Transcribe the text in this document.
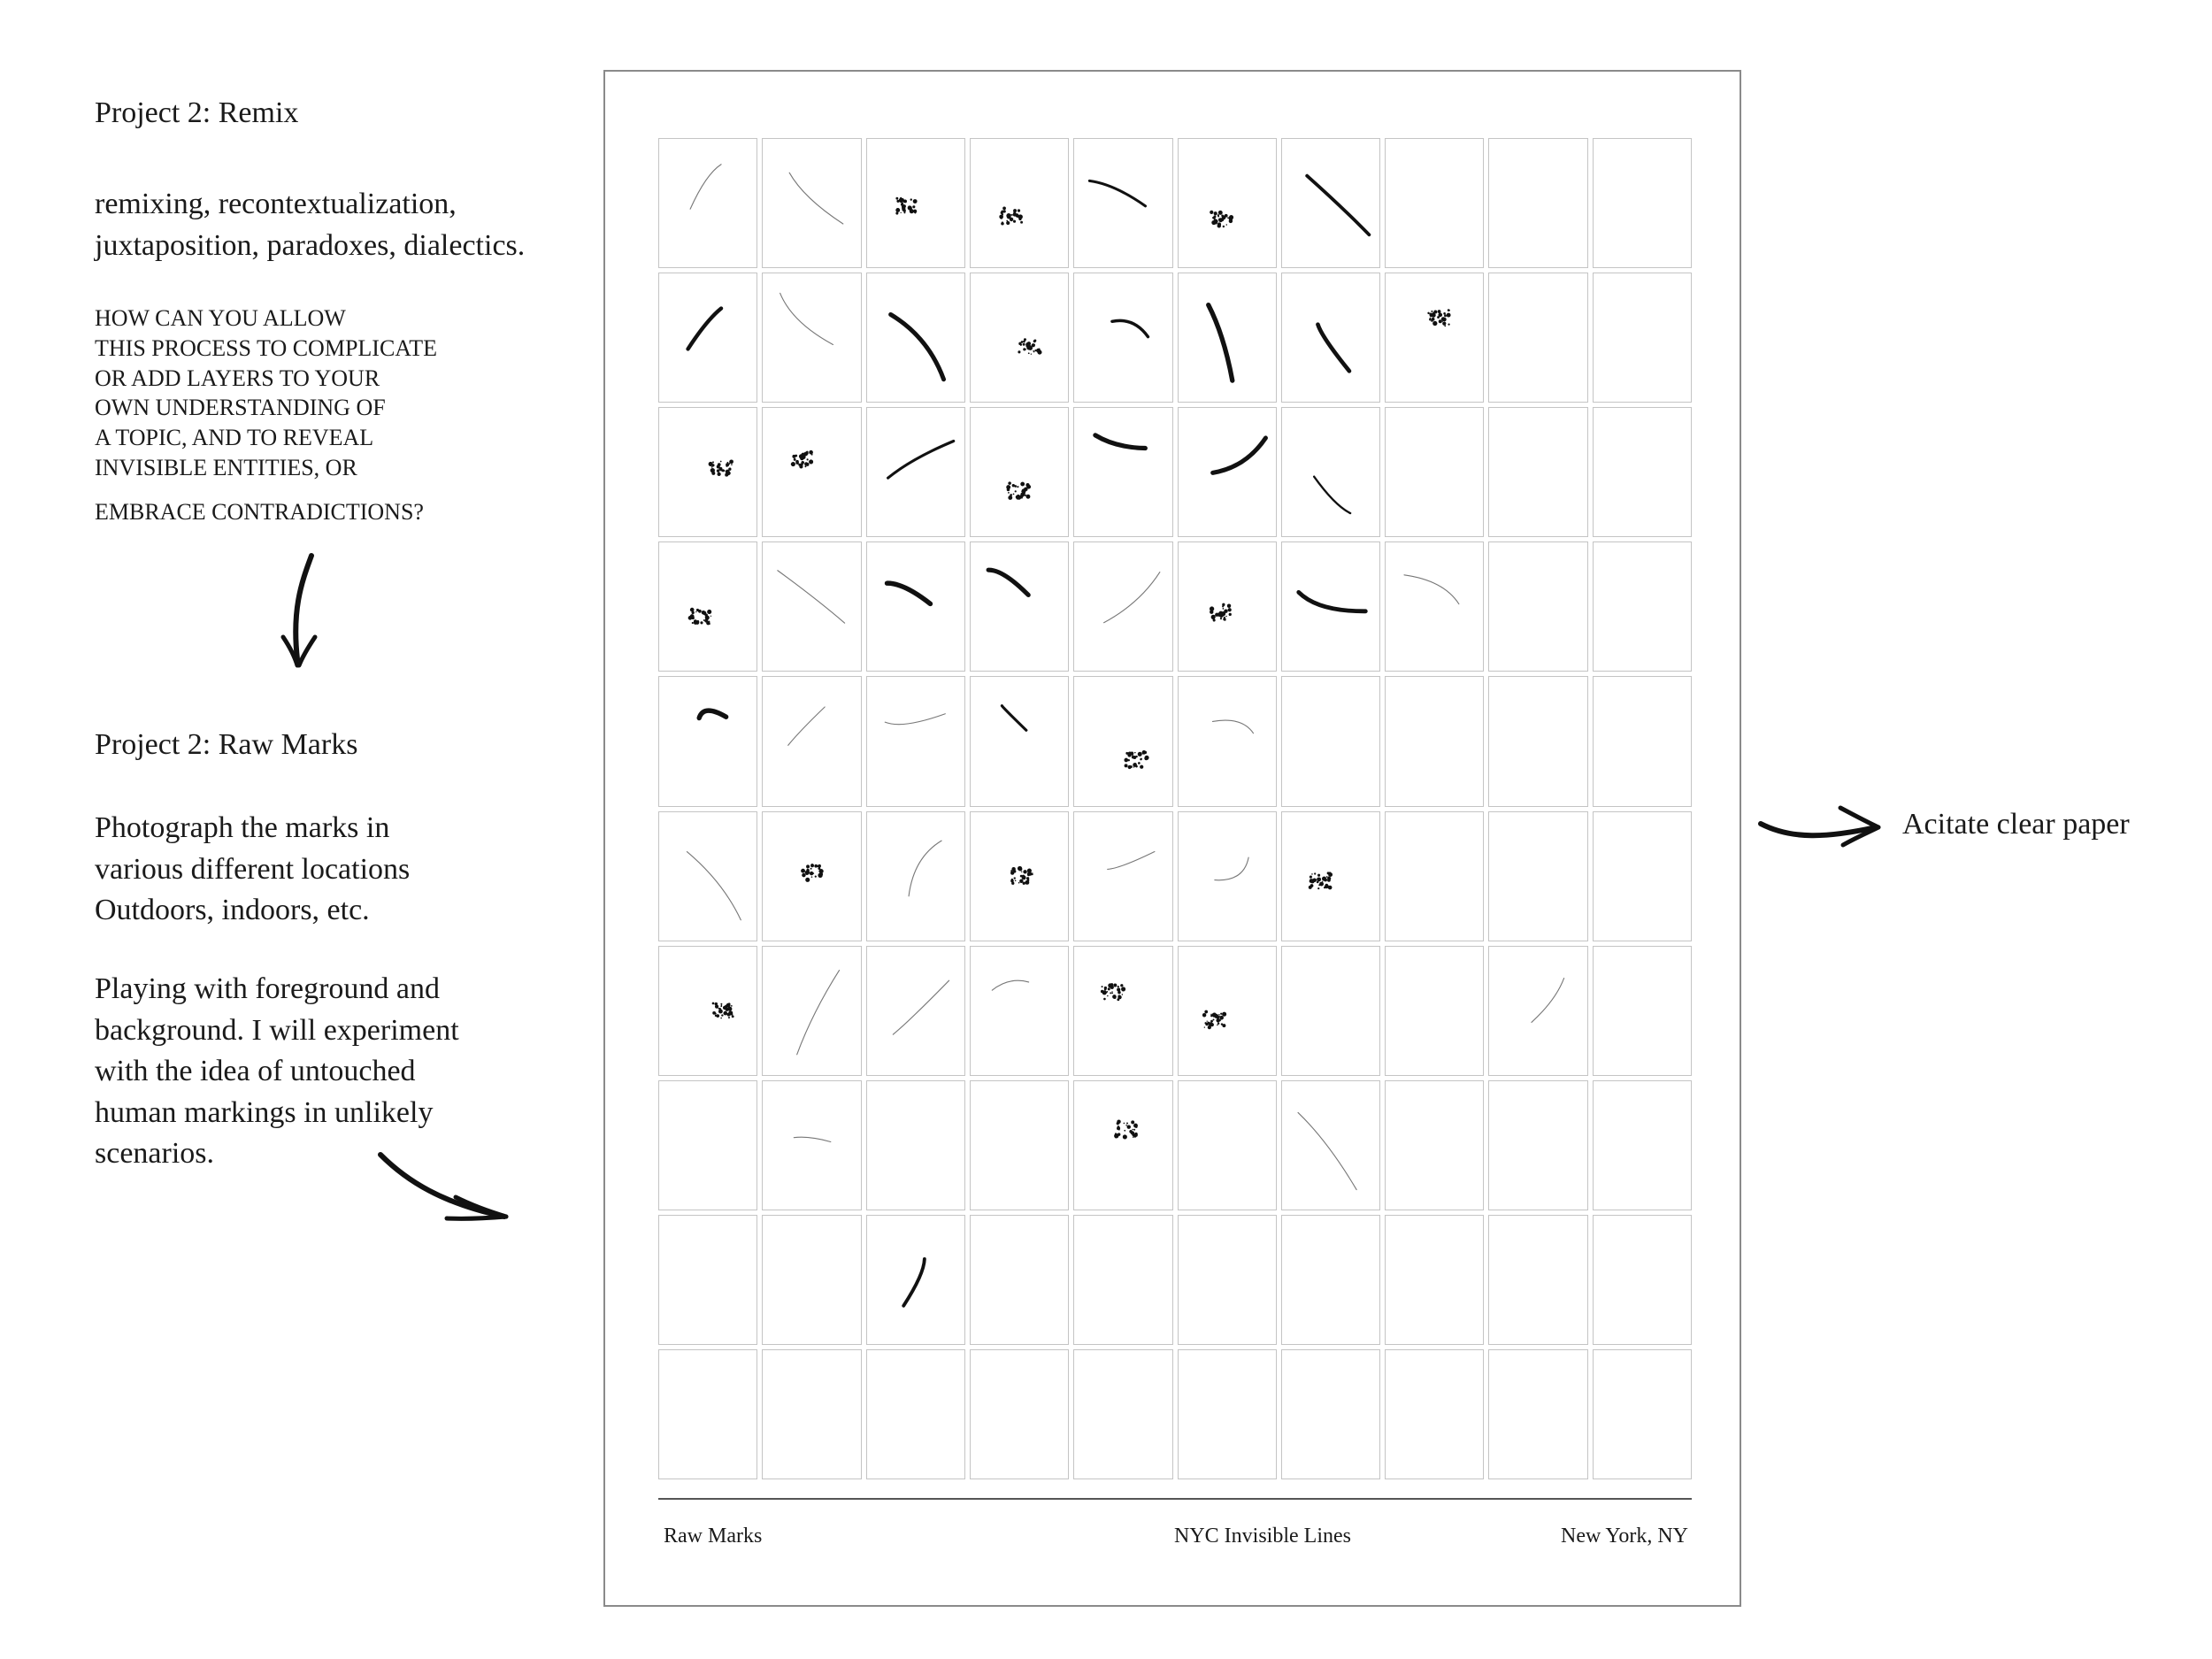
Project 2: Remix
remixing, recontextualization,
juxtaposition, paradoxes, dialectics.
HOW CAN YOU ALLOW
THIS PROCESS TO COMPLICATE
OR ADD LAYERS TO YOUR
OWN UNDERSTANDING OF
A TOPIC, AND TO REVEAL
INVISIBLE ENTITIES, OR
EMBRACE CONTRADICTIONS?
Project 2: Raw Marks
Photograph the marks in
various different locations
Outdoors, indoors, etc.
Playing with foreground and
background. I will experiment
with the idea of untouched
human markings in unlikely
scenarios.
Raw Marks	NYC Invisible Lines	New York, NY
Acitate clear paper
